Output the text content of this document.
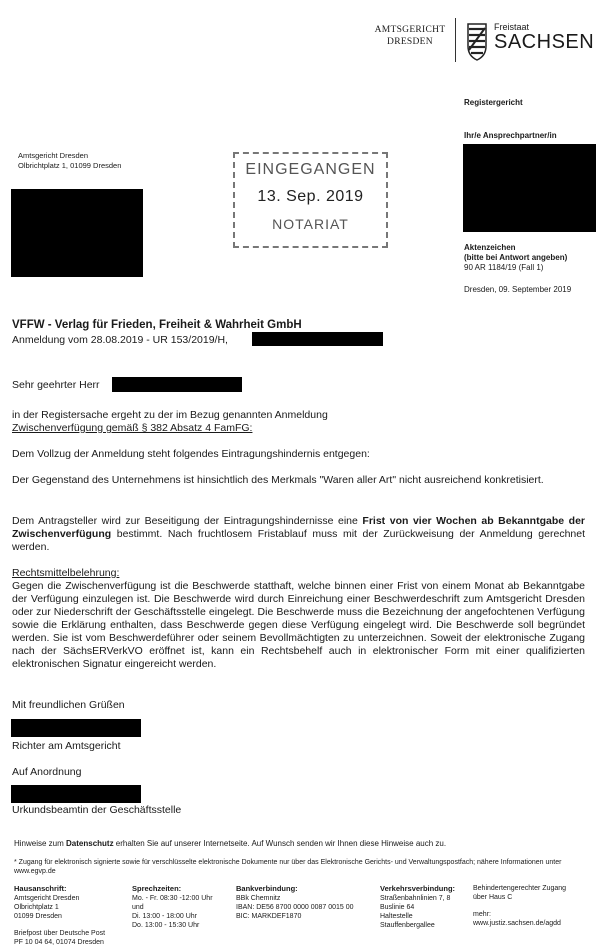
AMTSGERICHT
DRESDEN
Freistaat
SACHSEN
Registergericht
Ihr/e Ansprechpartner/in
Aktenzeichen
(bitte bei Antwort angeben)
90 AR 1184/19 (Fall 1)
Dresden, 09. September 2019
Amtsgericht Dresden
Olbrichtplatz 1, 01099 Dresden	EINGEGANGEN
13. Sep. 2019
NOTARIAT
VFFW - Verlag für Frieden, Freiheit & Wahrheit GmbH
Anmeldung vom 28.08.2019 - UR 153/2019/H,
Sehr geehrter Herr
in der Registersache ergeht zu der im Bezug genannten Anmeldung
Zwischenverfügung gemäß § 382 Absatz 4 FamFG:
Dem Vollzug der Anmeldung steht folgendes Eintragungshindernis entgegen:
Der Gegenstand des Unternehmens ist hinsichtlich des Merkmals "Waren aller Art" nicht ausreichend konkretisiert.
Dem Antragsteller wird zur Beseitigung der Eintragungshindernisse eine Frist von vier Wochen ab Bekanntgabe der Zwischenverfügung bestimmt. Nach fruchtlosem Fristablauf muss mit der Zurückweisung der Anmeldung gerechnet werden.
Rechtsmittelbelehrung:
Gegen die Zwischenverfügung ist die Beschwerde statthaft, welche binnen einer Frist von einem Monat ab Bekanntgabe der Verfügung einzulegen ist. Die Beschwerde wird durch Einreichung einer Beschwerdeschrift zum Amtsgericht Dresden oder zur Niederschrift der Geschäftsstelle eingelegt. Die Beschwerde muss die Bezeichnung der angefochtenen Verfügung sowie die Erklärung enthalten, dass Beschwerde gegen diese Verfügung eingelegt wird. Die Beschwerde soll begründet werden. Sie ist vom Beschwerdeführer oder seinem Bevollmächtigten zu unterzeichnen. Soweit der elektronische Zugang nach der SächsERVerkVO eröffnet ist, kann ein Rechtsbehelf auch in elektronischer Form mit einer qualifizierten elektronischen Signatur eingereicht werden.
Mit freundlichen Grüßen
Richter am Amtsgericht
Auf Anordnung
Urkundsbeamtin der Geschäftsstelle
Hinweise zum Datenschutz erhalten Sie auf unserer Internetseite. Auf Wunsch senden wir Ihnen diese Hinweise auch zu.
* Zugang für elektronisch signierte sowie für verschlüsselte elektronische Dokumente nur über das Elektronische Gerichts- und Verwaltungspostfach; nähere Informationen unter www.egvp.de
Hausanschrift:
Amtsgericht Dresden
Olbrichtplatz 1
01099 Dresden
Briefpost über Deutsche Post
PF 10 04 64, 01074 Dresden
Sprechzeiten:
Mo. - Fr. 08:30 -12:00 Uhr
und
Di. 13:00 - 18:00 Uhr
Do. 13:00 - 15:30 Uhr
Bankverbindung:
BBk Chemnitz
IBAN: DE56 8700 0000 0087 0015 00
BIC: MARKDEF1870
Verkehrsverbindung:
Straßenbahnlinien 7, 8
Buslinie 64
Haltestelle
Stauffenbergallee
Behindertengerechter Zugang
über Haus C
mehr:
www.justiz.sachsen.de/agdd
